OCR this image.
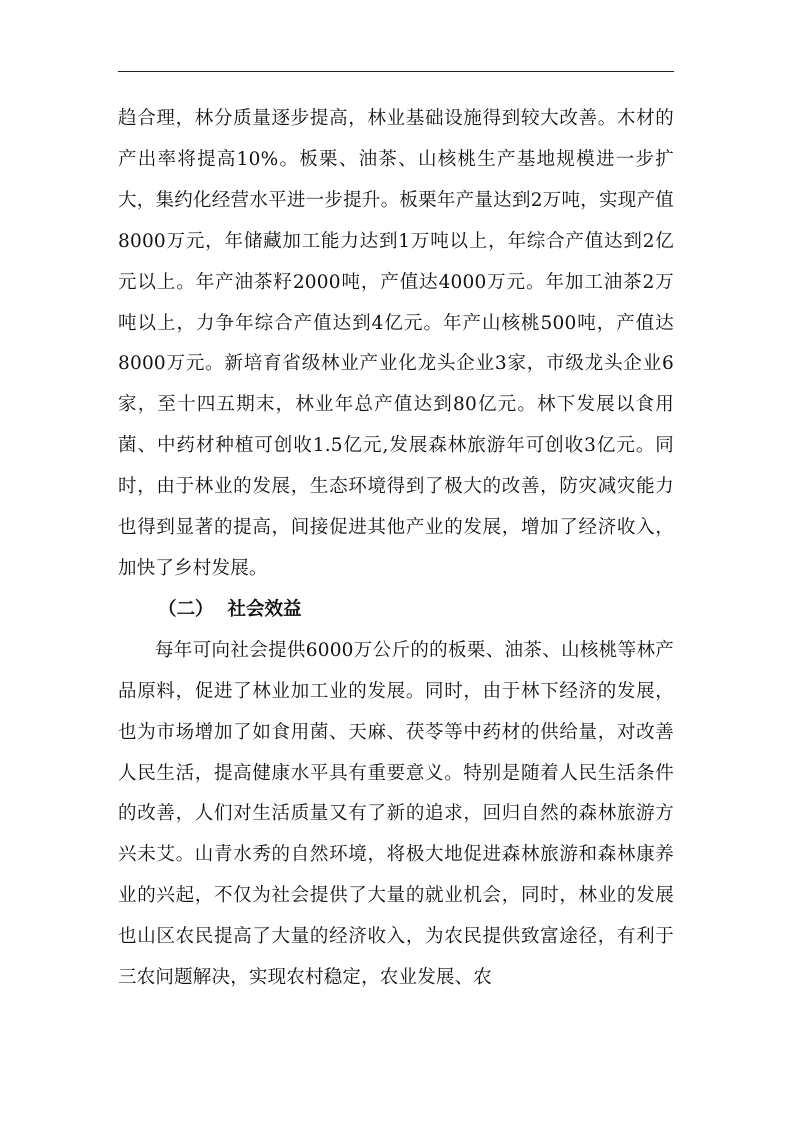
趋合理，林分质量逐步提高，林业基础设施得到较大改善。木材的产出率将提高10%。板栗、油茶、山核桃生产基地规模进一步扩大，集约化经营水平进一步提升。板栗年产量达到2万吨，实现产值8000万元，年储藏加工能力达到1万吨以上，年综合产值达到2亿元以上。年产油茶籽2000吨，产值达4000万元。年加工油茶2万吨以上，力争年综合产值达到4亿元。年产山核桃500吨，产值达8000万元。新培育省级林业产业化龙头企业3家，市级龙头企业6家，至十四五期末，林业年总产值达到80亿元。林下发展以食用菌、中药材种植可创收1.5亿元,发展森林旅游年可创收3亿元。同时，由于林业的发展，生态环境得到了极大的改善，防灾减灾能力也得到显著的提高，间接促进其他产业的发展，增加了经济收入，加快了乡村发展。

（二） 社会效益

每年可向社会提供6000万公斤的的板栗、油茶、山核桃等林产品原料，促进了林业加工业的发展。同时，由于林下经济的发展，也为市场增加了如食用菌、天麻、茯苓等中药材的供给量，对改善人民生活，提高健康水平具有重要意义。特别是随着人民生活条件的改善，人们对生活质量又有了新的追求，回归自然的森林旅游方兴未艾。山青水秀的自然环境，将极大地促进森林旅游和森林康养业的兴起，不仅为社会提供了大量的就业机会，同时，林业的发展也山区农民提高了大量的经济收入，为农民提供致富途径，有利于三农问题解决，实现农村稳定，农业发展、农
